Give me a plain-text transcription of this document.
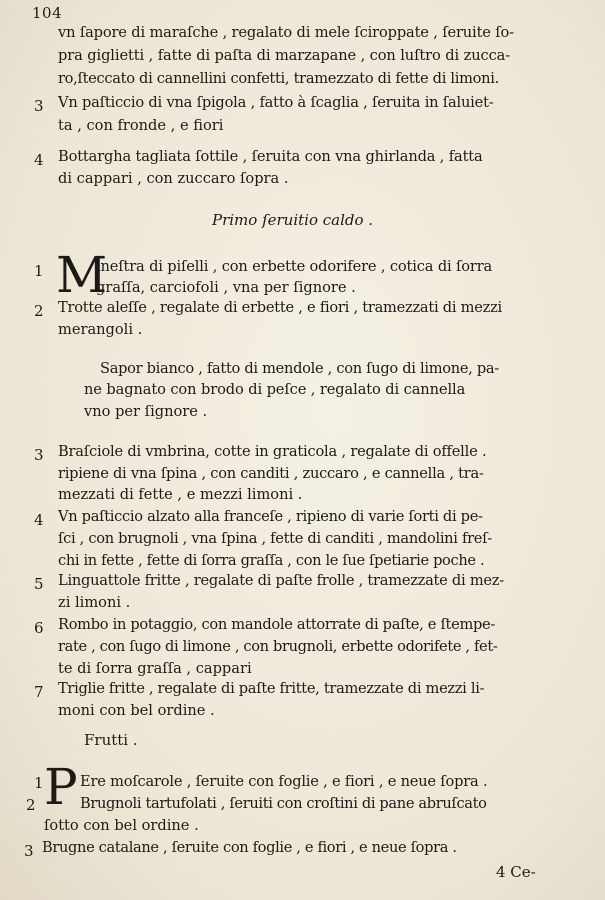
104
vn ſapore di maraſche , regalato di mele ſciroppate , ſeruite ſo-
pra giglietti , fatte di paſta di marzapane , con luſtro di zucca-
ro,ſteccato di cannellini confetti, tramezzato di fette di limoni.
3 Vn paſticcio di vna ſpigola , fatto à ſcaglia , ſeruita in ſaluiet-
ta , con fronde , e fiori
4 Bottargha tagliata ſottile , ſeruita con vna ghirlanda , fatta
di cappari , con zuccaro ſopra .
Primo ſeruitio caldo .
1 M
ineſtra di piſelli , con erbette odorifere , cotica di ſorra
graſſa, carciofoli , vna per ſignore .
2 Trotte aleſſe , regalate di erbette , e fiori , tramezzati di mezzi
merangoli .
Sapor bianco , fatto di mendole , con ſugo di limone, pa-
ne bagnato con brodo di peſce , regalato di cannella
vno per ſignore .
3 Braſciole di vmbrina, cotte in graticola , regalate di offelle .
ripiene di vna ſpina , con canditi , zuccaro , e cannella , tra-
mezzati di fette , e mezzi limoni .
4 Vn paſticcio alzato alla franceſe , ripieno di varie ſorti di pe-
ſci , con brugnoli , vna ſpina , fette di canditi , mandolini freſ-
chi in fette , fette di ſorra graſſa , con le ſue ſpetiarie poche .
5 Linguattole fritte , regalate di paſte frolle , tramezzate di mez-
zi limoni .
6 Rombo in potaggio, con mandole attorrate di paſte, e ſtempe-
rate , con ſugo di limone , con brugnoli, erbette odorifete , fet-
te di ſorra graſſa , cappari
7 Triglie fritte , regalate di paſte fritte, tramezzate di mezzi li-
moni con bel ordine .
Frutti .
1 P Ere moſcarole , ſeruite con foglie , e fiori , e neue ſopra .
2	Brugnoli tartufolati , ſeruiti con croſtini di pane abruſcato
ſotto con bel ordine .
3 Brugne catalane , ſeruite con foglie , e fiori , e neue ſopra .
4 Ce-
